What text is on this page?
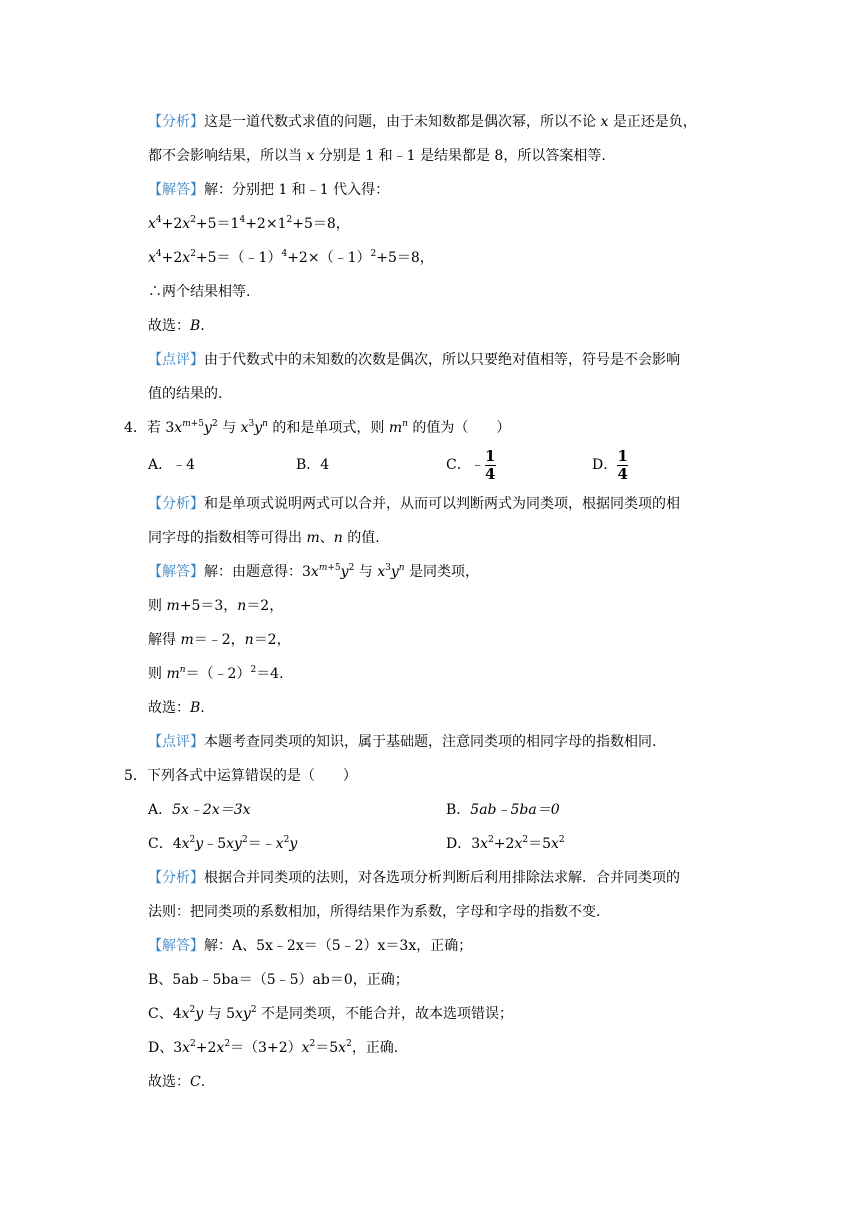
【分析】这是一道代数式求值的问题，由于未知数都是偶次幂，所以不论 x 是正还是负，
都不会影响结果，所以当 x 分别是 1 和﹣1 是结果都是 8，所以答案相等.
【解答】解：分别把 1 和﹣1 代入得：
$x^4+2x^2+5=1^4+2\times 1^2+5=8$，
$x^4+2x^2+5=(﹣1)^4+2\times(﹣1)^2+5=8$，
∴两个结果相等.
故选：B.
【点评】由于代数式中的未知数的次数是偶次，所以只要绝对值相等，符号是不会影响
值的结果的.
4．若 $3x^{m+5}y^2$ 与 $x^3y^n$ 的和是单项式，则 $m^n$ 的值为（　　）
A．﹣4	B．4	C．﹣ $\frac{1}{4}$	D． $\frac{1}{4}$
【分析】和是单项式说明两式可以合并，从而可以判断两式为同类项，根据同类项的相
同字母的指数相等可得出 m、n 的值.
【解答】解：由题意得：$3x^{m+5}y^2$ 与 $x^3y^n$ 是同类项，
则 m+5＝3，n＝2，
解得 m＝﹣2，n＝2，
则 $m^n=(﹣2)^2=4$.
故选：B.
【点评】本题考查同类项的知识，属于基础题，注意同类项的相同字母的指数相同.
5．下列各式中运算错误的是（　　）
A．5x﹣2x＝3x	B．5ab﹣5ba＝0
C．$4x^2y﹣5xy^2=﹣x^2y$	D．$3x^2+2x^2=5x^2$
【分析】根据合并同类项的法则，对各选项分析判断后利用排除法求解．合并同类项的
法则：把同类项的系数相加，所得结果作为系数，字母和字母的指数不变.
【解答】解：A、5x﹣2x＝（5﹣2）x＝3x，正确；
B、5ab﹣5ba＝（5﹣5）ab＝0，正确；
C、$4x^2y$ 与 $5xy^2$ 不是同类项，不能合并，故本选项错误；
D、$3x^2+2x^2=(3+2)x^2=5x^2$，正确.
故选：C.
